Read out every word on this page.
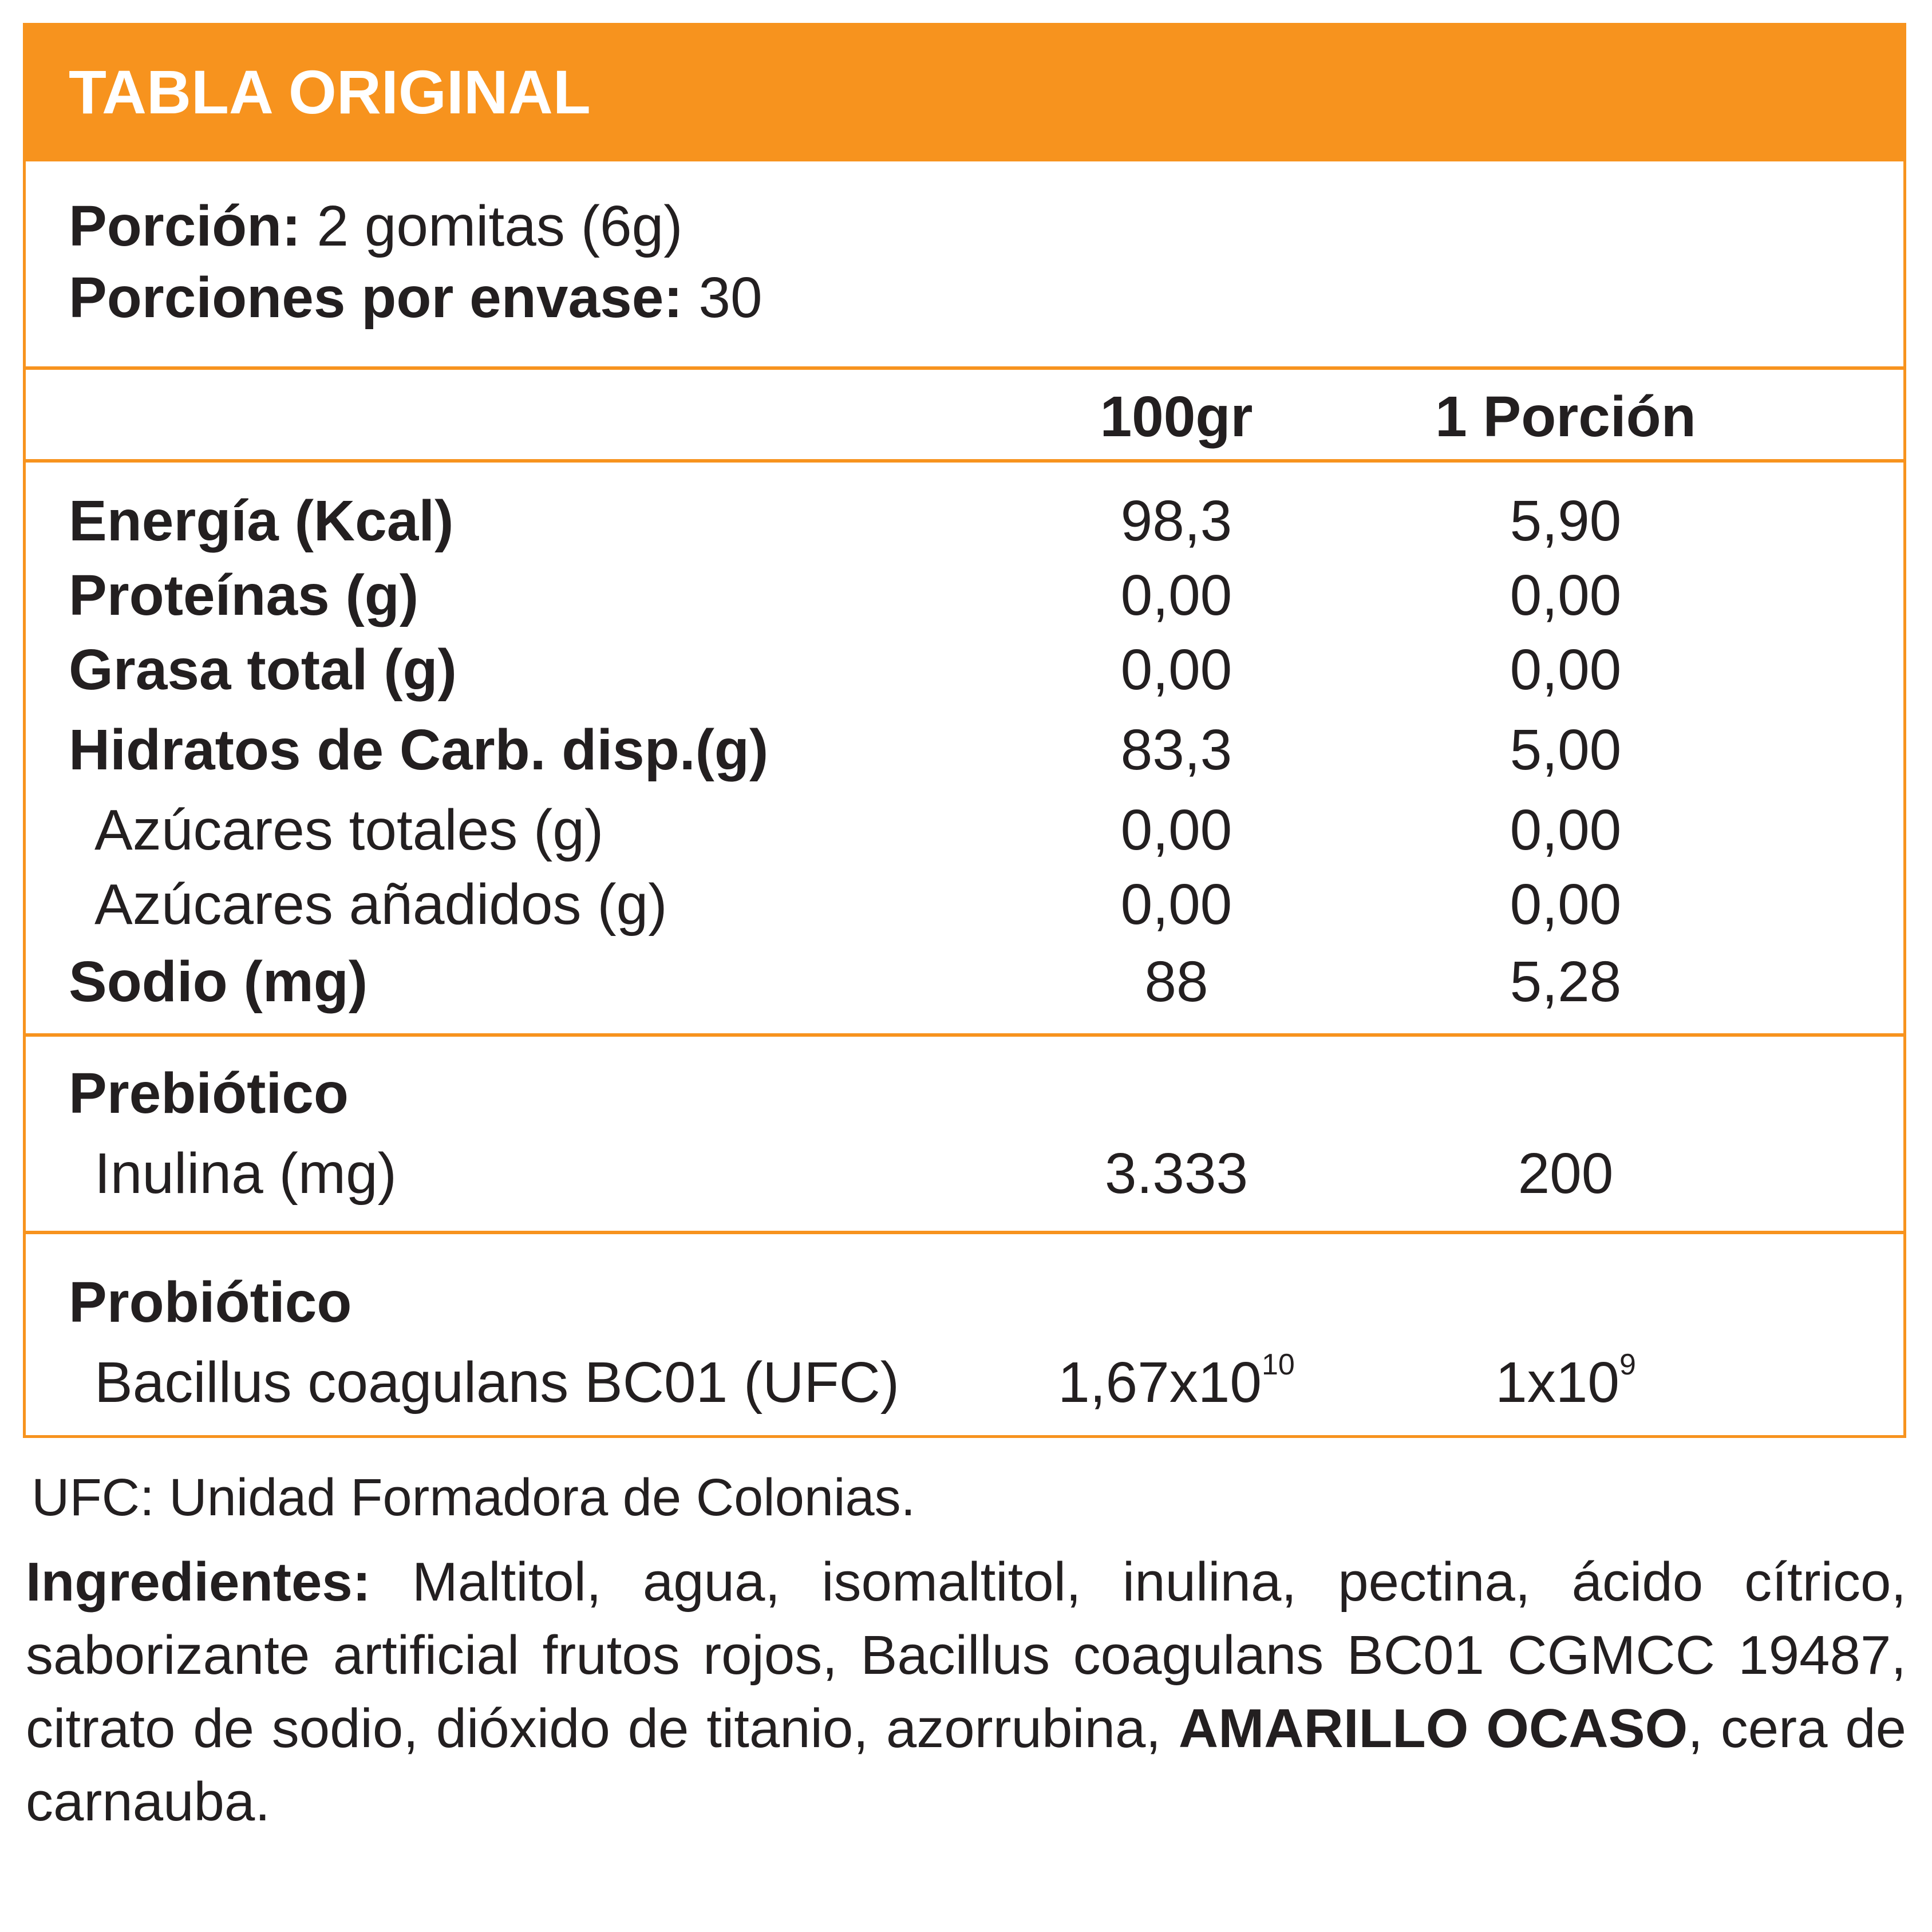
TABLA ORIGINAL
Porción: 2 gomitas (6g)
Porciones por envase: 30
100gr	1 Porción
Energía (Kcal)	98,3	5,90
Proteínas (g)	0,00	0,00
Grasa total (g)	0,00	0,00
Hidratos de Carb. disp.(g)	83,3	5,00
Azúcares totales (g)	0,00	0,00
Azúcares añadidos (g)	0,00	0,00
Sodio (mg)	88	5,28
Prebiótico
Inulina (mg)	3.333	200
Probiótico
Bacillus coagulans BC01 (UFC)	$1,67x10^{10}$	$1x10^9$
UFC: Unidad Formadora de Colonias.
Ingredientes: Maltitol, agua, isomaltitol, inulina, pectina, ácido cítrico, saborizante artificial frutos rojos, Bacillus coagulans BC01 CGMCC 19487, citrato de sodio, dióxido de titanio, azorrubina, AMARILLO OCASO, cera de carnauba.
